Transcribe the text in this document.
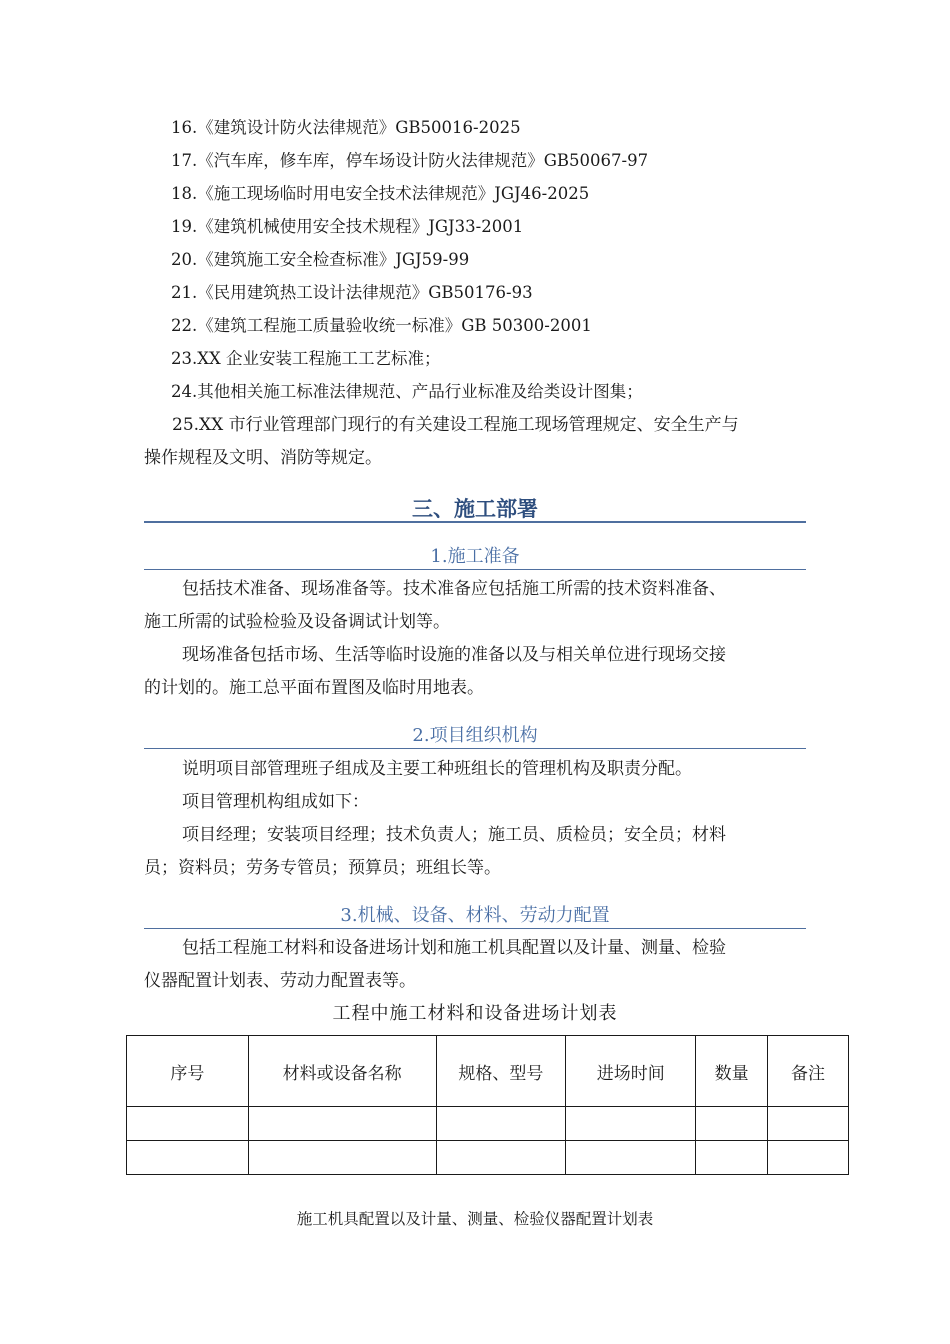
16.《建筑设计防火法律规范》GB50016-2025
17.《汽车库，修车库，停车场设计防火法律规范》GB50067-97
18.《施工现场临时用电安全技术法律规范》JGJ46-2025
19.《建筑机械使用安全技术规程》JGJ33-2001
20.《建筑施工安全检查标准》JGJ59-99
21.《民用建筑热工设计法律规范》GB50176-93
22.《建筑工程施工质量验收统一标准》GB 50300-2001
23.XX 企业安装工程施工工艺标准；
24.其他相关施工标准法律规范、产品行业标准及给类设计图集；
25.XX 市行业管理部门现行的有关建设工程施工现场管理规定、安全生产与
操作规程及文明、消防等规定。
三、施工部署
1.施工准备
包括技术准备、现场准备等。技术准备应包括施工所需的技术资料准备、
施工所需的试验检验及设备调试计划等。
现场准备包括市场、生活等临时设施的准备以及与相关单位进行现场交接
的计划的。施工总平面布置图及临时用地表。
2.项目组织机构
说明项目部管理班子组成及主要工种班组长的管理机构及职责分配。
项目管理机构组成如下：
项目经理；安装项目经理；技术负责人；施工员、质检员；安全员；材料
员；资料员；劳务专管员；预算员；班组长等。
3.机械、设备、材料、劳动力配置
包括工程施工材料和设备进场计划和施工机具配置以及计量、测量、检验
仪器配置计划表、劳动力配置表等。
工程中施工材料和设备进场计划表
序号	材料或设备名称	规格、型号	进场时间	数量	备注

施工机具配置以及计量、测量、检验仪器配置计划表
